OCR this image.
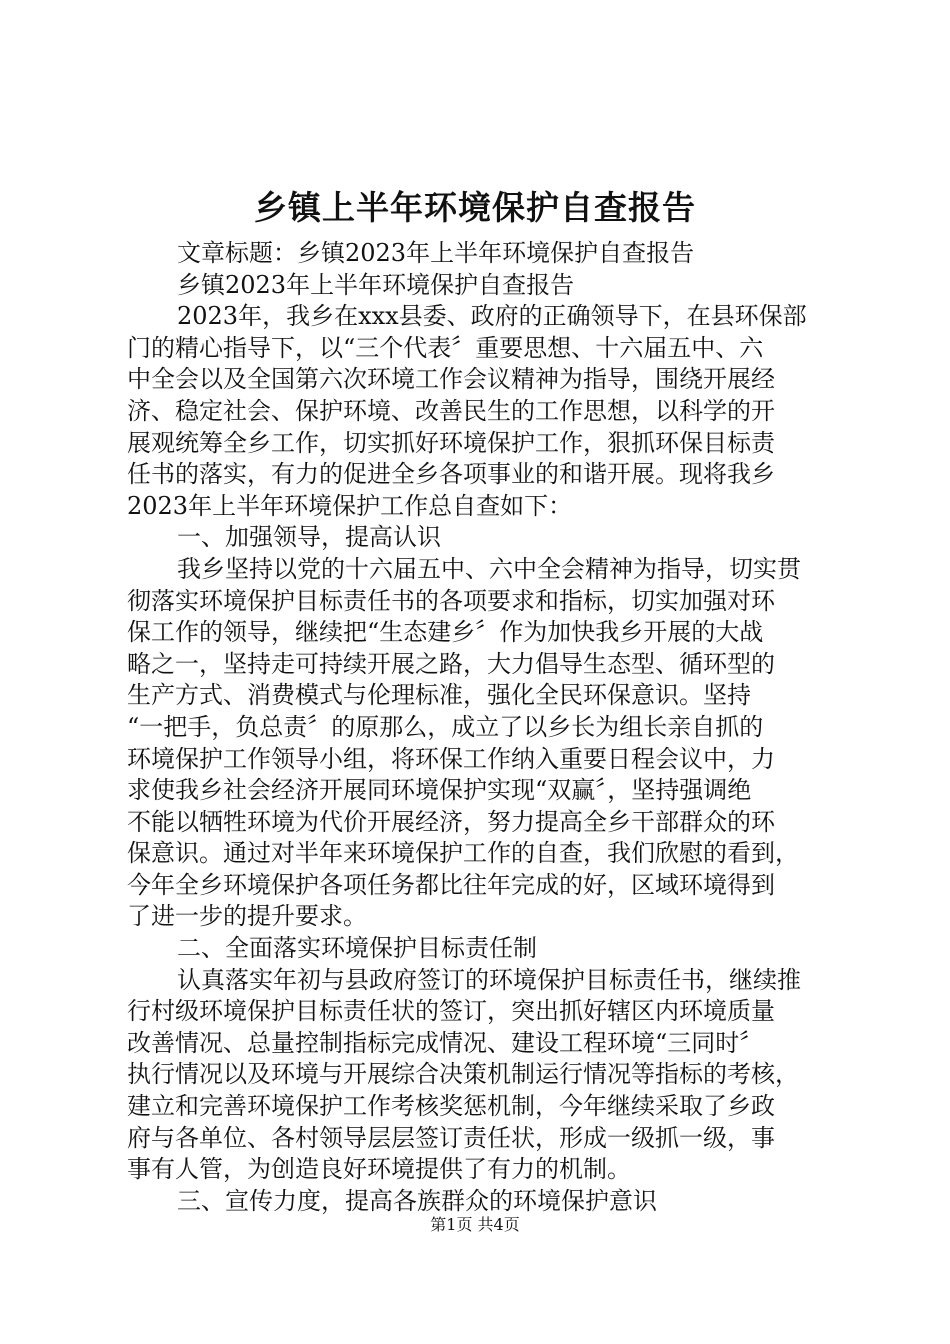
乡镇上半年环境保护自查报告
文章标题：乡镇2023年上半年环境保护自查报告
乡镇2023年上半年环境保护自查报告
2023年，我乡在xxx县委、政府的正确领导下，在县环保部
门的精心指导下，以“三个代表〞重要思想、十六届五中、六
中全会以及全国第六次环境工作会议精神为指导，围绕开展经
济、稳定社会、保护环境、改善民生的工作思想，以科学的开
展观统筹全乡工作，切实抓好环境保护工作，狠抓环保目标责
任书的落实，有力的促进全乡各项事业的和谐开展。现将我乡
2023年上半年环境保护工作总自查如下：
一、加强领导，提高认识
我乡坚持以党的十六届五中、六中全会精神为指导，切实贯
彻落实环境保护目标责任书的各项要求和指标，切实加强对环
保工作的领导，继续把“生态建乡〞作为加快我乡开展的大战
略之一，坚持走可持续开展之路，大力倡导生态型、循环型的
生产方式、消费模式与伦理标准，强化全民环保意识。坚持
“一把手，负总责〞的原那么，成立了以乡长为组长亲自抓的
环境保护工作领导小组，将环保工作纳入重要日程会议中，力
求使我乡社会经济开展同环境保护实现“双赢〞，坚持强调绝
不能以牺牲环境为代价开展经济，努力提高全乡干部群众的环
保意识。通过对半年来环境保护工作的自查，我们欣慰的看到，
今年全乡环境保护各项任务都比往年完成的好，区域环境得到
了进一步的提升要求。
二、全面落实环境保护目标责任制
认真落实年初与县政府签订的环境保护目标责任书，继续推
行村级环境保护目标责任状的签订，突出抓好辖区内环境质量
改善情况、总量控制指标完成情况、建设工程环境“三同时〞
执行情况以及环境与开展综合决策机制运行情况等指标的考核，
建立和完善环境保护工作考核奖惩机制，今年继续采取了乡政
府与各单位、各村领导层层签订责任状，形成一级抓一级，事
事有人管，为创造良好环境提供了有力的机制。
三、宣传力度，提高各族群众的环境保护意识
第1页 共4页
